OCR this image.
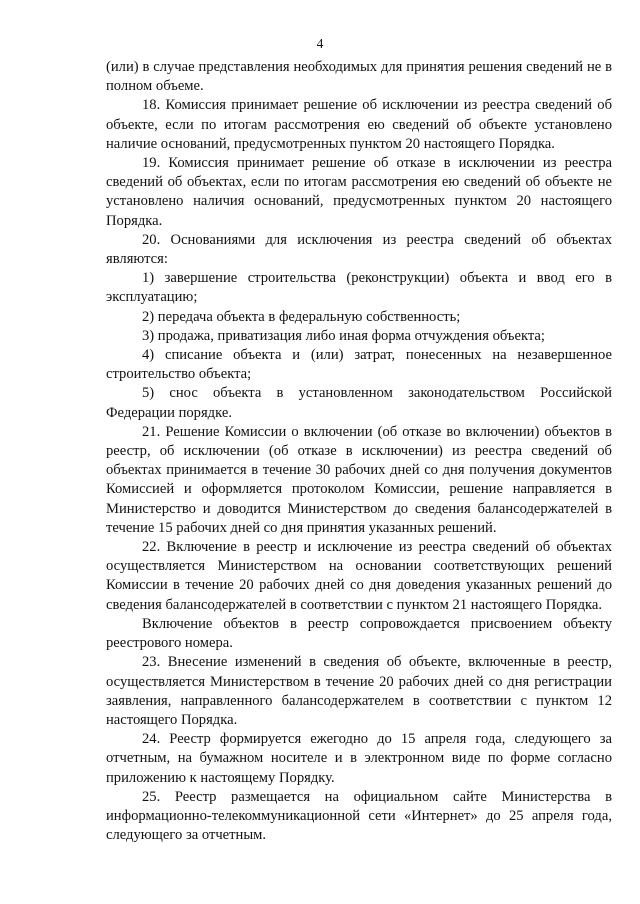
4

(или) в случае представления необходимых для принятия решения сведений не в полном объеме.

18. Комиссия принимает решение об исключении из реестра сведений об объекте, если по итогам рассмотрения ею сведений об объекте установлено наличие оснований, предусмотренных пунктом 20 настоящего Порядка.

19. Комиссия принимает решение об отказе в исключении из реестра сведений об объектах, если по итогам рассмотрения ею сведений об объекте не установлено наличия оснований, предусмотренных пунктом 20 настоящего Порядка.

20. Основаниями для исключения из реестра сведений об объектах являются:

1) завершение строительства (реконструкции) объекта и ввод его в эксплуатацию;

2) передача объекта в федеральную собственность;

3) продажа, приватизация либо иная форма отчуждения объекта;

4) списание объекта и (или) затрат, понесенных на незавершенное строительство объекта;

5) снос объекта в установленном законодательством Российской Федерации порядке.

21. Решение Комиссии о включении (об отказе во включении) объектов в реестр, об исключении (об отказе в исключении) из реестра сведений об объектах принимается в течение 30 рабочих дней со дня получения документов Комиссией и оформляется протоколом Комиссии, решение направляется в Министерство и доводится Министерством до сведения балансодержателей в течение 15 рабочих дней со дня принятия указанных решений.

22. Включение в реестр и исключение из реестра сведений об объектах осуществляется Министерством на основании соответствующих решений Комиссии в течение 20 рабочих дней со дня доведения указанных решений до сведения балансодержателей в соответствии с пунктом 21 настоящего Порядка.

Включение объектов в реестр сопровождается присвоением объекту реестрового номера.

23. Внесение изменений в сведения об объекте, включенные в реестр, осуществляется Министерством в течение 20 рабочих дней со дня регистрации заявления, направленного балансодержателем в соответствии с пунктом 12 настоящего Порядка.

24. Реестр формируется ежегодно до 15 апреля года, следующего за отчетным, на бумажном носителе и в электронном виде по форме согласно приложению к настоящему Порядку.

25. Реестр размещается на официальном сайте Министерства в информационно-телекоммуникационной сети «Интернет» до 25 апреля года, следующего за отчетным.
